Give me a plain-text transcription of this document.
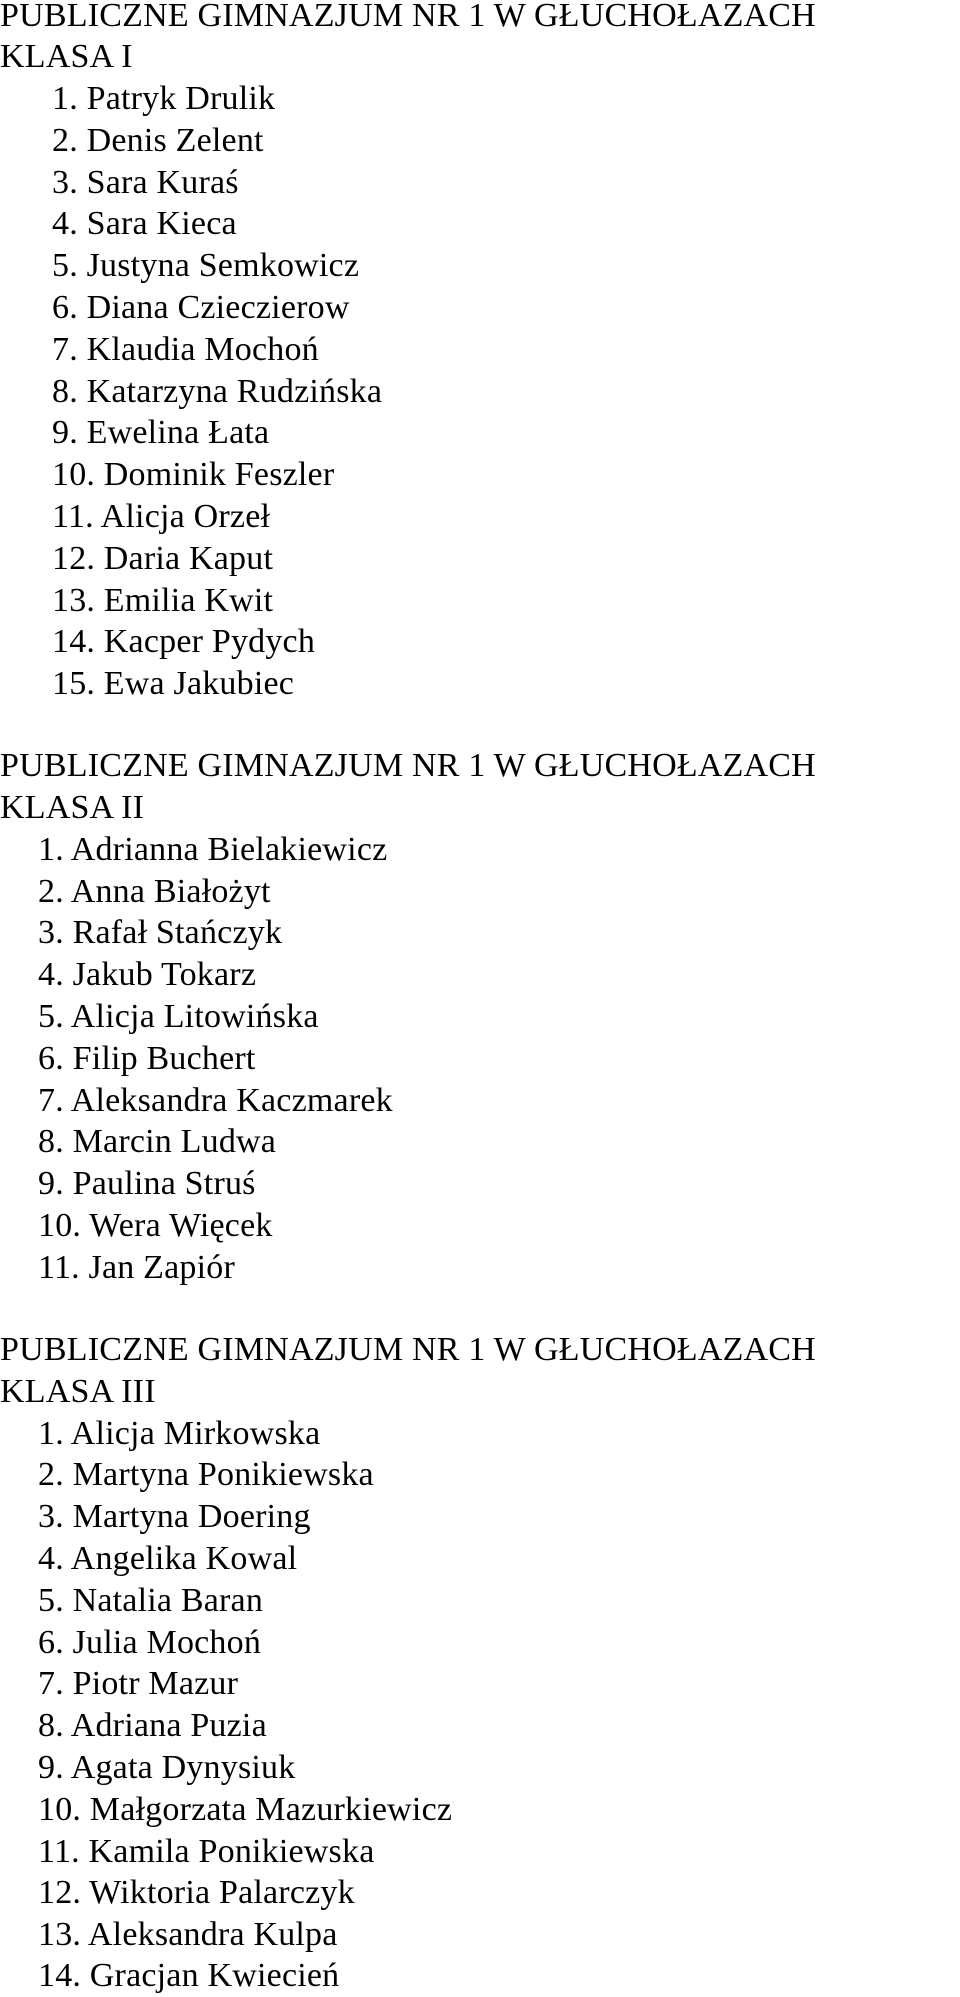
PUBLICZNE GIMNAZJUM NR 1 W GŁUCHOŁAZACH
KLASA I
1. Patryk Drulik
2. Denis Zelent
3. Sara Kuraś
4. Sara Kieca
5. Justyna Semkowicz
6. Diana Czieczierow
7. Klaudia Mochoń
8. Katarzyna Rudzińska
9. Ewelina Łata
10. Dominik Feszler
11. Alicja Orzeł
12. Daria Kaput
13. Emilia Kwit
14. Kacper Pydych
15. Ewa Jakubiec
PUBLICZNE GIMNAZJUM NR 1 W GŁUCHOŁAZACH
KLASA II
1. Adrianna Bielakiewicz
2. Anna Białożyt
3. Rafał Stańczyk
4. Jakub Tokarz
5. Alicja Litowińska
6. Filip Buchert
7. Aleksandra Kaczmarek
8. Marcin Ludwa
9. Paulina Struś
10. Wera Więcek
11. Jan Zapiór
PUBLICZNE GIMNAZJUM NR 1 W GŁUCHOŁAZACH
KLASA III
1. Alicja Mirkowska
2. Martyna Ponikiewska
3. Martyna Doering
4. Angelika Kowal
5. Natalia Baran
6. Julia Mochoń
7. Piotr Mazur
8. Adriana Puzia
9. Agata Dynysiuk
10. Małgorzata Mazurkiewicz
11. Kamila Ponikiewska
12. Wiktoria Palarczyk
13. Aleksandra Kulpa
14. Gracjan Kwiecień
